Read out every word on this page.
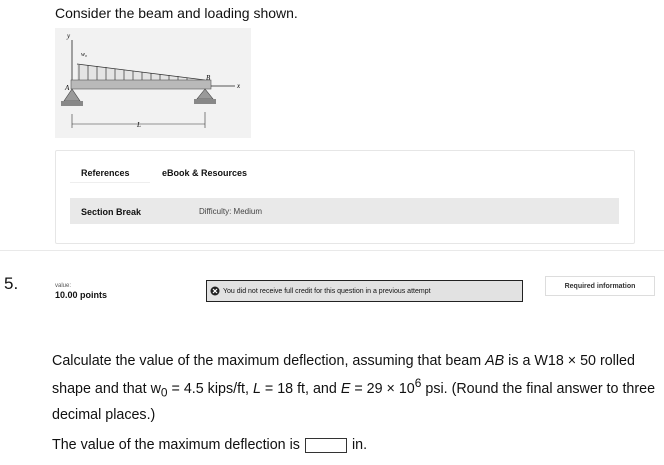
Consider the beam and loading shown.
y
w₀
A
B
x
L
References	eBook & Resources
Section Break	Difficulty: Medium
5.	value:
10.00 points	You did not receive full credit for this question in a previous attempt
Required information
Calculate the value of the maximum deflection, assuming that beam AB is a W18 × 50 rolled shape and that $w_0 = 4.5$ kips/ft, L = 18 ft, and $E = 29 \times 10^6$ psi. (Round the final answer to three decimal places.)
The value of the maximum deflection is	in.
